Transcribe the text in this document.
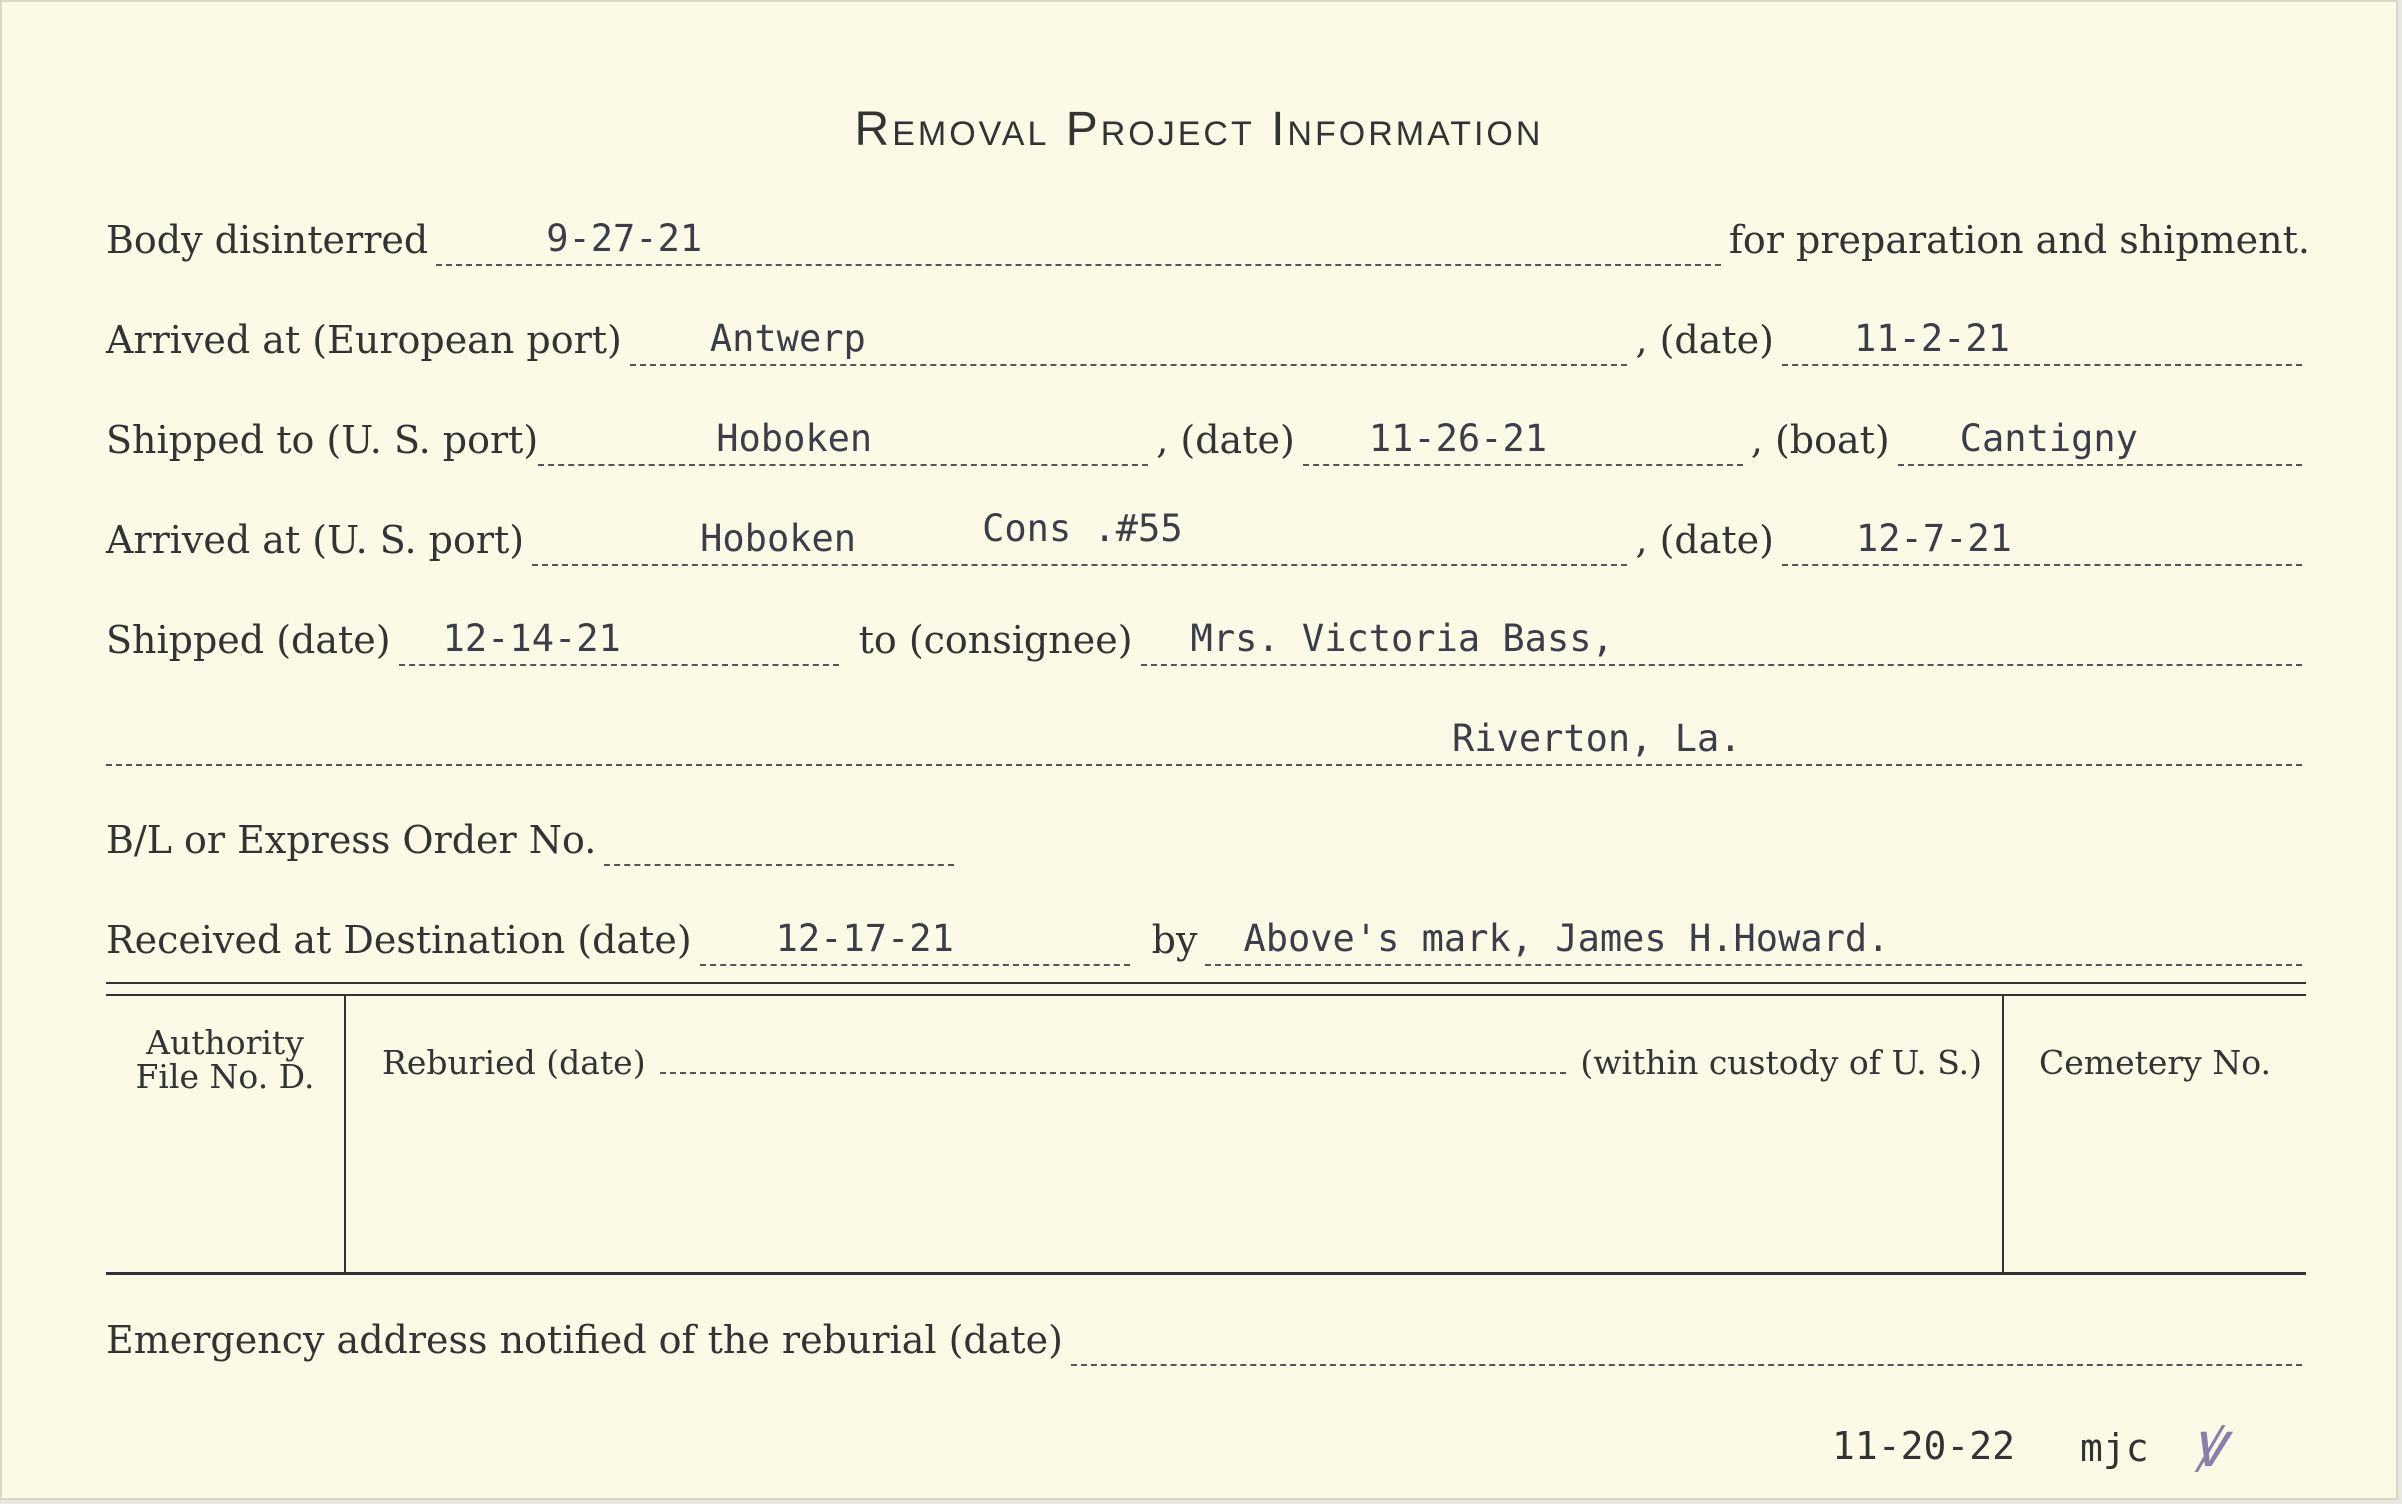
Removal Project Information
Body disinterred	9-27-21	for preparation and shipment.
Arrived at (European port) Antwerp	, (date) 11-2-21
Shipped to (U. S. port)	Hoboken	, (date) 11-26-21	, (boat) Cantigny
Arrived at (U. S. port)	Hoboken	Cons .#55	, (date) 12-7-21
Shipped (date) 12-14-21	to (consignee) Mrs. Victoria Bass,
Riverton, La.
B/L or Express Order No.
Received at Destination (date) 12-17-21	by Above's mark, James H.Howard.
Authority
File No. D.	Reburied (date)	(within custody of U. S.)	Cemetery No.
Emergency address notified of the reburial (date)
11-20-22 mjc ꝟ
